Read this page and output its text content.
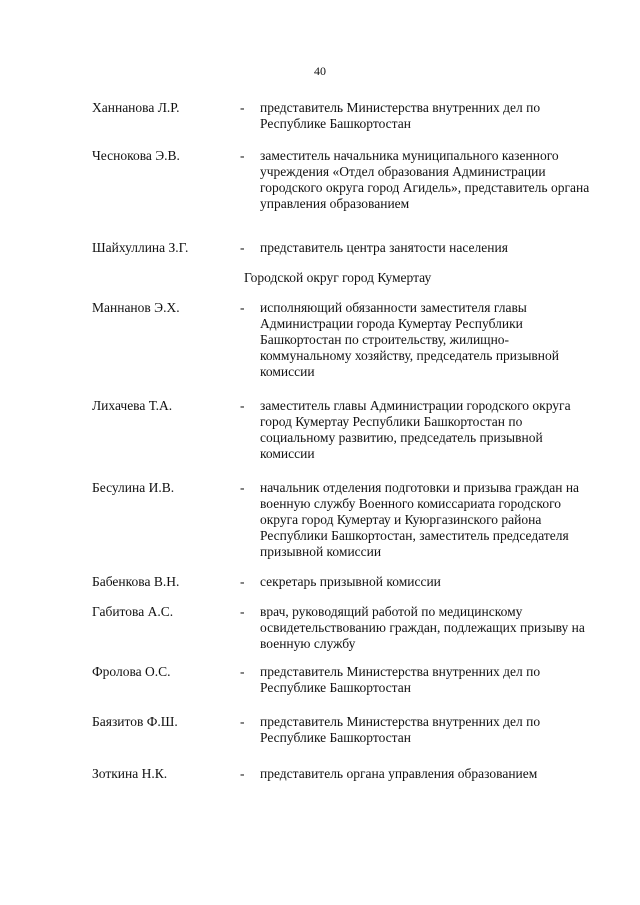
40
Ханнанова Л.Р.	- представитель Министерства внутренних дел по Республике Башкортостан
Чеснокова Э.В.	- заместитель начальника муниципального казенного учреждения «Отдел образования Администрации городского округа город Агидель», представитель органа управления образованием
Шайхуллина З.Г.	- представитель центра занятости населения
Городской округ город Кумертау
Маннанов Э.Х.	- исполняющий обязанности заместителя главы Администрации города Кумертау Республики Башкортостан по строительству, жилищно-коммунальному хозяйству, председатель призывной комиссии
Лихачева Т.А.	- заместитель главы Администрации городского округа город Кумертау Республики Башкортостан по социальному развитию, председатель призывной комиссии
Бесулина И.В.	- начальник отделения подготовки и призыва граждан на военную службу Военного комиссариата городского округа город Кумертау и Куюргазинского района Республики Башкортостан, заместитель председателя призывной комиссии
Бабенкова В.Н.	- секретарь призывной комиссии
Габитова А.С.	- врач, руководящий работой по медицинскому освидетельствованию граждан, подлежащих призыву на военную службу
Фролова О.С.	- представитель Министерства внутренних дел по Республике Башкортостан
Баязитов Ф.Ш.	- представитель Министерства внутренних дел по Республике Башкортостан
Зоткина Н.К.	- представитель органа управления образованием
